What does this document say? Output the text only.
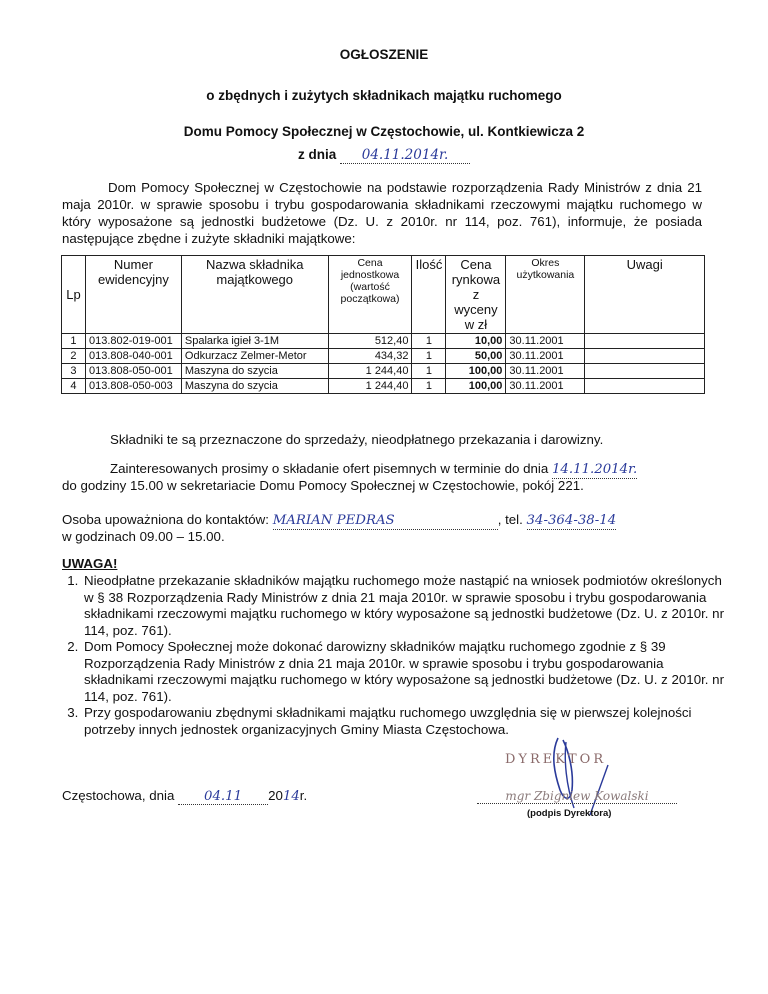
OGŁOSZENIE
o zbędnych i zużytych składnikach majątku ruchomego
Domu Pomocy Społecznej w Częstochowie, ul. Kontkiewicza 2
z dnia 04.11.2014r.

Dom Pomocy Społecznej w Częstochowie na podstawie rozporządzenia Rady Ministrów z dnia 21 maja 2010r. w sprawie sposobu i trybu gospodarowania składnikami rzeczowymi majątku ruchomego w który wyposażone są jednostki budżetowe (Dz. U. z 2010r. nr 114, poz. 761), informuje, że posiada następujące zbędne i zużyte składniki majątkowe:

Lp	Numer ewidencyjny	Nazwa składnika majątkowego	Cena jednostkowa (wartość początkowa)	Ilość	Cena rynkowa z wyceny w zł	Okres użytkowania	Uwagi
1	013.802-019-001	Spalarka igieł 3-1M	512,40	1	10,00	30.11.2001	
2	013.808-040-001	Odkurzacz Zelmer-Metor	434,32	1	50,00	30.11.2001	
3	013.808-050-001	Maszyna do szycia	1 244,40	1	100,00	30.11.2001	
4	013.808-050-003	Maszyna do szycia	1 244,40	1	100,00	30.11.2001	
Składniki te są przeznaczone do sprzedaży, nieodpłatnego przekazania i darowizny.
Zainteresowanych prosimy o składanie ofert pisemnych w terminie do dnia 14.11.2014r.
do godziny 15.00 w sekretariacie Domu Pomocy Społecznej w Częstochowie, pokój 221.
Osoba upoważniona do kontaktów: MARIAN PEDRAS	, tel. 34-364-38-14
w godzinach 09.00 – 15.00.
UWAGA!
1. Nieodpłatne przekazanie składników majątku ruchomego może nastąpić na wniosek podmiotów określonych w § 38 Rozporządzenia Rady Ministrów z dnia 21 maja 2010r. w sprawie sposobu i trybu gospodarowania składnikami rzeczowymi majątku ruchomego w który wyposażone są jednostki budżetowe (Dz. U. z 2010r. nr 114, poz. 761).
2. Dom Pomocy Społecznej może dokonać darowizny składników majątku ruchomego zgodnie z § 39 Rozporządzenia Rady Ministrów z dnia 21 maja 2010r. w sprawie sposobu i trybu gospodarowania składnikami rzeczowymi majątku ruchomego w który wyposażone są jednostki budżetowe (Dz. U. z 2010r. nr 114, poz. 761).
3. Przy gospodarowaniu zbędnymi składnikami majątku ruchomego uwzględnia się w pierwszej kolejności potrzeby innych jednostek organizacyjnych Gminy Miasta Częstochowa.
Częstochowa, dnia 04.11 2014r.
DYREKTOR
mgr Zbigniew Kowalski
(podpis Dyrektora)
